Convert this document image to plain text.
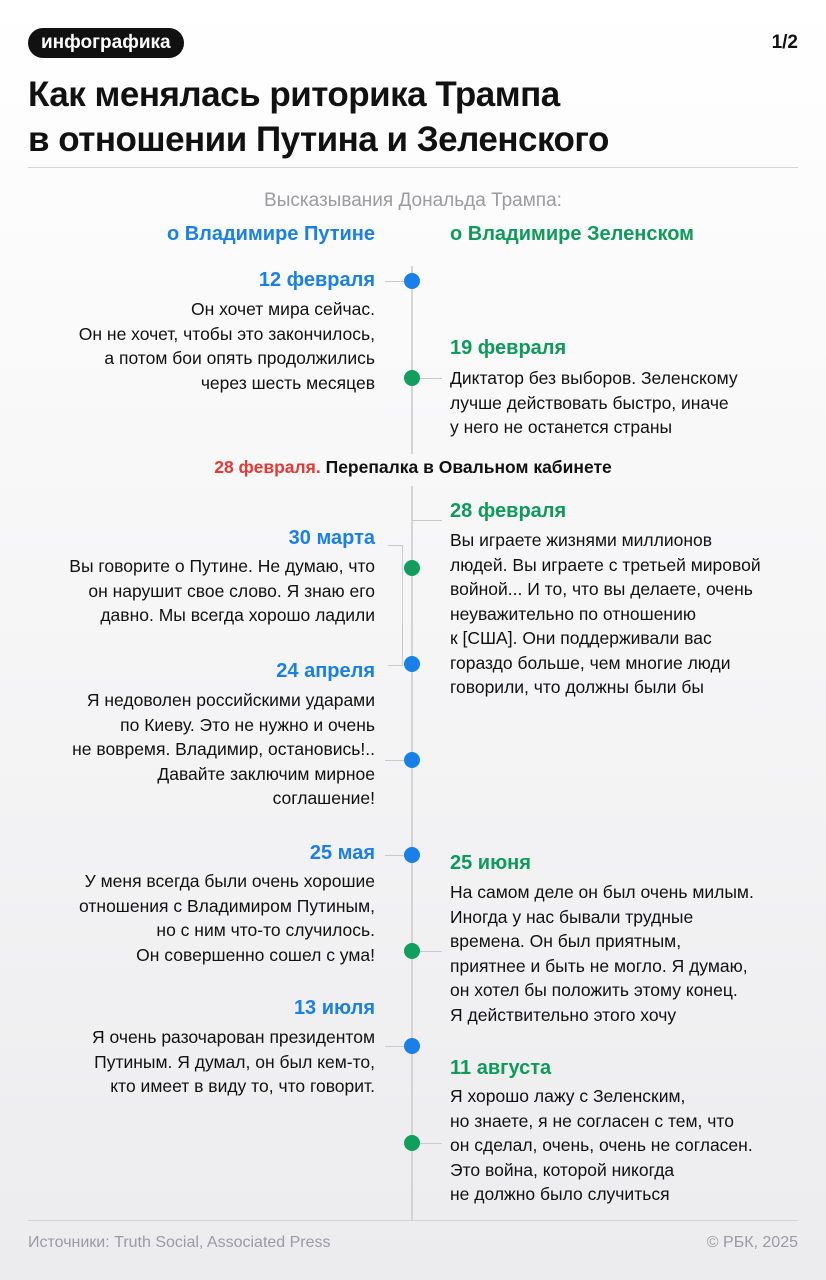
инфографика	1/2
Как менялась риторика Трампа
в отношении Путина и Зеленского
Высказывания Дональда Трампа:
о Владимире Путине	о Владимире Зеленском
12 февраля
Он хочет мира сейчас.
Он не хочет, чтобы это закончилось,
а потом бои опять продолжились
через шесть месяцев
30 марта
Вы говорите о Путине. Не думаю, что
он нарушит свое слово. Я знаю его
давно. Мы всегда хорошо ладили
24 апреля
Я недоволен российскими ударами
по Киеву. Это не нужно и очень
не вовремя. Владимир, остановись!..
Давайте заключим мирное
соглашение!
25 мая
У меня всегда были очень хорошие
отношения с Владимиром Путиным,
но с ним что-то случилось.
Он совершенно сошел с ума!
13 июля
Я очень разочарован президентом
Путиным. Я думал, он был кем-то,
кто имеет в виду то, что говорит.
19 февраля
Диктатор без выборов. Зеленскому
лучше действовать быстро, иначе
у него не останется страны
28 февраля
Вы играете жизнями миллионов
людей. Вы играете с третьей мировой
войной... И то, что вы делаете, очень
неуважительно по отношению
к [США]. Они поддерживали вас
гораздо больше, чем многие люди
говорили, что должны были бы
25 июня
На самом деле он был очень милым.
Иногда у нас бывали трудные
времена. Он был приятным,
приятнее и быть не могло. Я думаю,
он хотел бы положить этому конец.
Я действительно этого хочу
11 августа
Я хорошо лажу с Зеленским,
но знаете, я не согласен с тем, что
он сделал, очень, очень не согласен.
Это война, которой никогда
не должно было случиться
28 февраля. Перепалка в Овальном кабинете
Источники: Truth Social, Associated Press	© РБК, 2025
